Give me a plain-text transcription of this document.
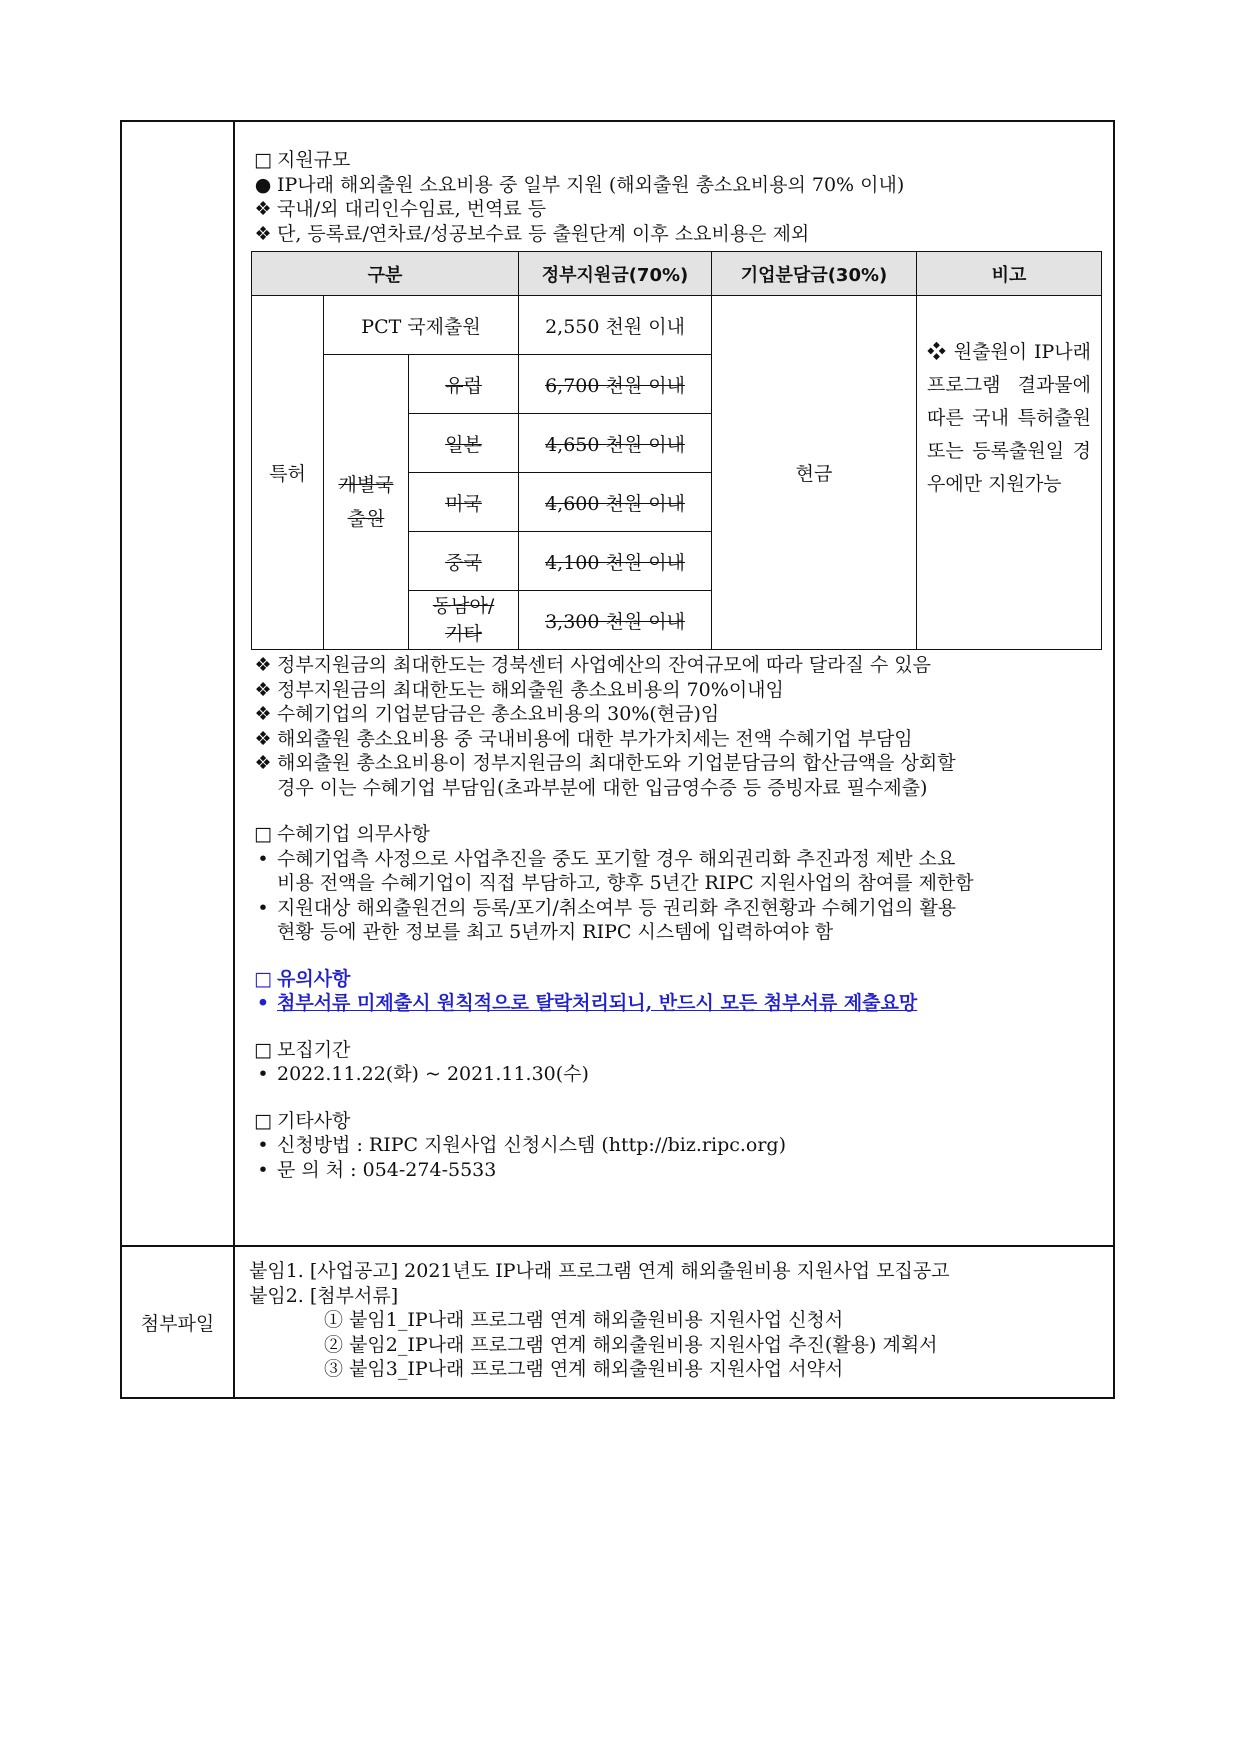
□ 지원규모
● IP나래 해외출원 소요비용 중 일부 지원 (해외출원 총소요비용의 70% 이내)
❖ 국내/외 대리인수임료, 번역료 등
❖ 단, 등록료/연차료/성공보수료 등 출원단계 이후 소요비용은 제외
구분			정부지원금(70%)	기업분담금(30%)	비고
특허	PCT 국제출원		2,550 천원 이내	현금	❖ 원출원이 IP나래 프로그램 결과물에 따른 국내 특허출원 또는 등록출원일 경우에만 지원가능

	개별국 출원	유럽	6,700 천원 이내		
		일본	4,650 천원 이내		
		미국	4,600 천원 이내		
		중국	4,100 천원 이내		
		동남아/ 기타	3,300 천원 이내		
❖ 정부지원금의 최대한도는 경북센터 사업예산의 잔여규모에 따라 달라질 수 있음
❖ 정부지원금의 최대한도는 해외출원 총소요비용의 70%이내임
❖ 수혜기업의 기업분담금은 총소요비용의 30%(현금)임
❖ 해외출원 총소요비용 중 국내비용에 대한 부가가치세는 전액 수혜기업 부담임
❖ 해외출원 총소요비용이 정부지원금의 최대한도와 기업분담금의 합산금액을 상회할
경우 이는 수혜기업 부담임(초과부분에 대한 입금영수증 등 증빙자료 필수제출)
□ 수혜기업 의무사항
• 수혜기업측 사정으로 사업추진을 중도 포기할 경우 해외권리화 추진과정 제반 소요
비용 전액을 수혜기업이 직접 부담하고, 향후 5년간 RIPC 지원사업의 참여를 제한함
• 지원대상 해외출원건의 등록/포기/취소여부 등 권리화 추진현황과 수혜기업의 활용
현황 등에 관한 정보를 최고 5년까지 RIPC 시스템에 입력하여야 함
□ 유의사항
• 첨부서류 미제출시 원칙적으로 탈락처리되니, 반드시 모든 첨부서류 제출요망
□ 모집기간
• 2022.11.22(화) ~ 2021.11.30(수)
□ 기타사항
• 신청방법 : RIPC 지원사업 신청시스템 (http://biz.ripc.org)
• 문 의 처 : 054-274-5533
첨부파일
붙임1. [사업공고] 2021년도 IP나래 프로그램 연계 해외출원비용 지원사업 모집공고
붙임2. [첨부서류]
① 붙임1_IP나래 프로그램 연계 해외출원비용 지원사업 신청서
② 붙임2_IP나래 프로그램 연계 해외출원비용 지원사업 추진(활용) 계획서
③ 붙임3_IP나래 프로그램 연계 해외출원비용 지원사업 서약서
